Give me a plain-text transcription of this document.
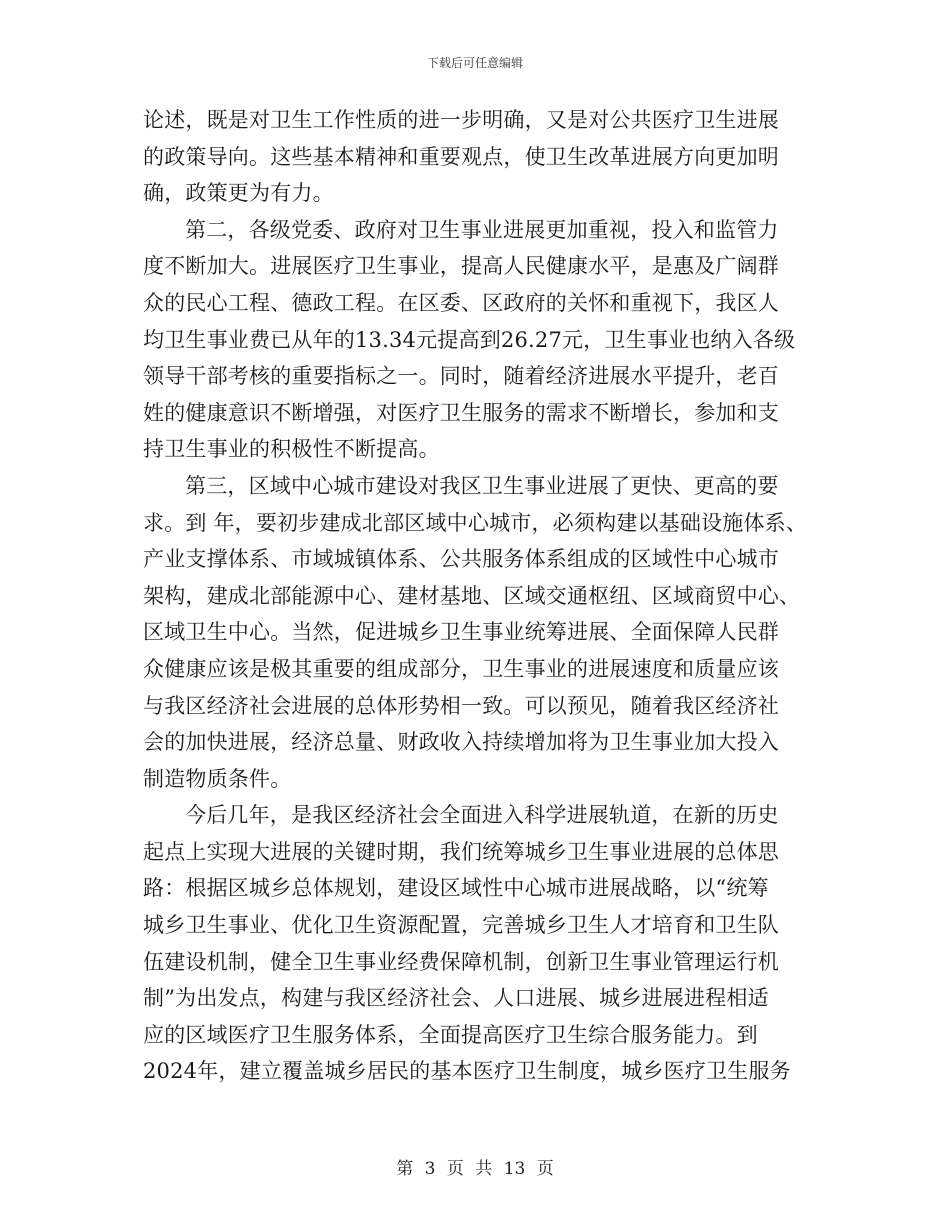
下载后可任意编辑
论述，既是对卫生工作性质的进一步明确，又是对公共医疗卫生进展
的政策导向。这些基本精神和重要观点，使卫生改革进展方向更加明
确，政策更为有力。
第二，各级党委、政府对卫生事业进展更加重视，投入和监管力
度不断加大。进展医疗卫生事业，提高人民健康水平，是惠及广阔群
众的民心工程、德政工程。在区委、区政府的关怀和重视下，我区人
均卫生事业费已从年的13.34元提高到26.27元，卫生事业也纳入各级
领导干部考核的重要指标之一。同时，随着经济进展水平提升，老百
姓的健康意识不断增强，对医疗卫生服务的需求不断增长，参加和支
持卫生事业的积极性不断提高。
第三，区域中心城市建设对我区卫生事业进展了更快、更高的要
求。到 年，要初步建成北部区域中心城市，必须构建以基础设施体系、
产业支撑体系、市域城镇体系、公共服务体系组成的区域性中心城市
架构，建成北部能源中心、建材基地、区域交通枢纽、区域商贸中心、
区域卫生中心。当然，促进城乡卫生事业统筹进展、全面保障人民群
众健康应该是极其重要的组成部分，卫生事业的进展速度和质量应该
与我区经济社会进展的总体形势相一致。可以预见，随着我区经济社
会的加快进展，经济总量、财政收入持续增加将为卫生事业加大投入
制造物质条件。
今后几年，是我区经济社会全面进入科学进展轨道，在新的历史
起点上实现大进展的关键时期，我们统筹城乡卫生事业进展的总体思
路：根据区城乡总体规划，建设区域性中心城市进展战略，以“统筹
城乡卫生事业、优化卫生资源配置，完善城乡卫生人才培育和卫生队
伍建设机制，健全卫生事业经费保障机制，创新卫生事业管理运行机
制”为出发点，构建与我区经济社会、人口进展、城乡进展进程相适
应的区域医疗卫生服务体系，全面提高医疗卫生综合服务能力。到
2024年，建立覆盖城乡居民的基本医疗卫生制度，城乡医疗卫生服务
第 3 页 共 13 页
